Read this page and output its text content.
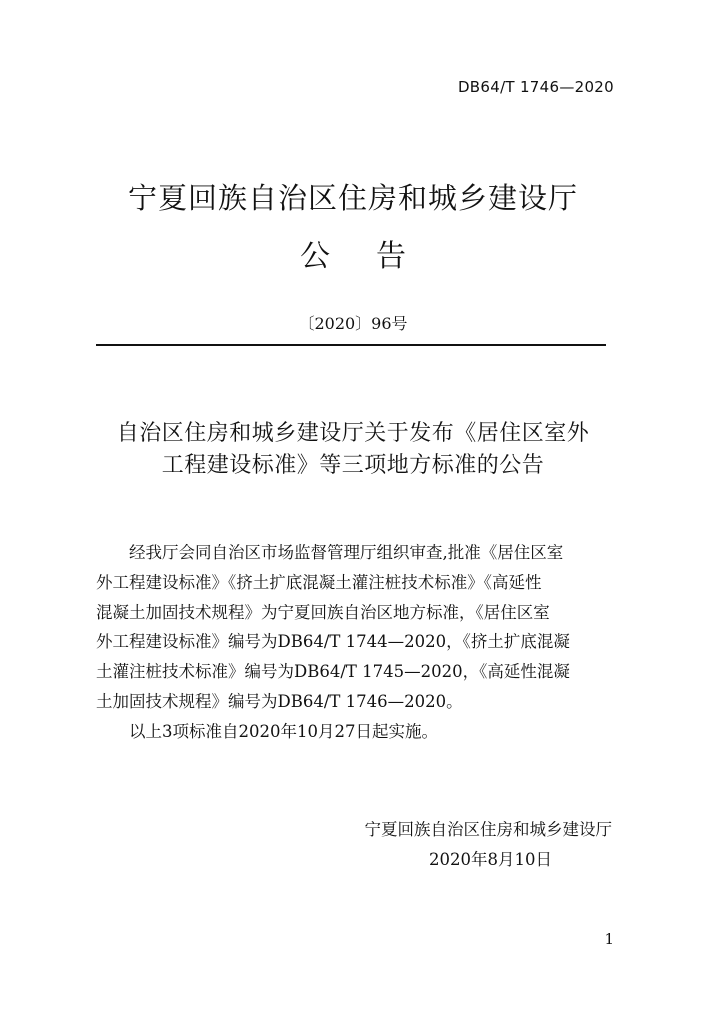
DB64/T 1746—2020
宁夏回族自治区住房和城乡建设厅
公告
〔2020〕96号
自治区住房和城乡建设厅关于发布《居住区室外
工程建设标准》等三项地方标准的公告
经我厅会同自治区市场监督管理厅组织审查,批准《居住区室
外工程建设标准》《挤土扩底混凝土灌注桩技术标准》《高延性
混凝土加固技术规程》为宁夏回族自治区地方标准，《居住区室
外工程建设标准》编号为DB64/T 1744—2020，《挤土扩底混凝
土灌注桩技术标准》编号为DB64/T 1745—2020，《高延性混凝
土加固技术规程》编号为DB64/T 1746—2020。
以上3项标准自2020年10月27日起实施。
宁夏回族自治区住房和城乡建设厅
2020年8月10日
1
